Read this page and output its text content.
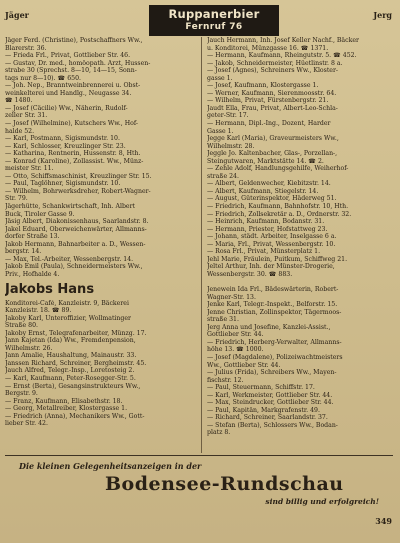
Jäger	Ruppanerbier
Fernruf 76
Jerg
Jäger Ferd. (Christine), Postschaffners Ww.,
Blarerstr. 36.
— Frieda Frl., Privat, Gottlieber Str. 46.
— Gustav, Dr. med., homöopath. Arzt, Hussen-
strabe 30 (Sprechst. 8—10, 14—15, Sonn-
tags nur 8—10). ☎ 650.
— Joh. Nep., Branntweinbrennerei u. Obst-
weinkelterei und Handlg., Neugasse 34.
☎ 1480.
— Josef (Cäcilie) Ww., Näherin, Rudolf-
zeller Str. 31.
— Josef (Wilhelmine), Kutschers Ww., Hof-
halde 52.
— Karl, Postmann, Sigismundstr. 10.
— Karl, Schlosser, Kreuzlinger Str. 23.
— Katharina, Rentnerin, Hussenstr. 8, Hth.
— Konrad (Karoline), Zollassist. Ww., Münz-
meister Str. 11.
— Otto, Schiffsmaschinist, Kreuzlinger Str. 15.
— Paul, Taglöhner, Sigismundstr. 10.
— Wilhelm, Bohrwerksdreher, Robert-Wagner-
Str. 79.
Jägerhütte, Schankwirtschaft, Inh. Albert
Buck, Tiroler Gasse 9.
Jäsig Albert, Diakonissenhaus, Saarlandstr. 8.
Jakel Eduard, Oberweichenwärter, Allmanns-
dorfer Straße 13.
Jakob Hermann, Bahnarbeiter a. D., Wessen-
bergstr. 14.
— Max, Tel.-Arbeiter, Wessenbergstr. 14.
Jakob Emil (Paula), Schneidermeisters Ww.,
Priv., Hofhalde 4.
Jakobs Hans
Konditorei-Café, Kanzleistr. 9, Bäckerei
Kanzleistr. 18. ☎ 89.
Jakoby Karl, Unteroffizier, Wollmatinger
Straße 80.
Jakoby Ernst, Telegrafenarbeiter, Münzg. 17.
Jann Kajetan (Ida) Ww., Fremdenpension,
Wilhelmstr. 26.
Jann Amalie, Haushaltung, Mainaustr. 33.
Janssen Richard, Schreiner, Bergheimstr. 45.
Jauch Alfred, Telegr.-Insp., Loretosteig 2.
— Karl, Kaufmann, Peter-Rosegger-Str. 5.
— Ernst (Berta), Gesangsinstrukteurs Ww.,
Bergstr. 9.
— Franz, Kaufmann, Elisabethstr. 18.
— Georg, Metallreiber, Klostergasse 1.
— Friedrich (Anna), Mechanikers Ww., Gott-
lieber Str. 42.
Jauch Hermann, Inh. Josef Keller Nachf., Bäcker
u. Konditorei, Münzgasse 16. ☎ 1371.
— Hermann, Kaufmann, Rheingutstr. 5. ☎ 452.
— Jakob, Schneidermeister, Hüetlinstr. 8 a.
— Josef (Agnes), Schreiners Ww., Kloster-
gasse 1.
— Josef, Kaufmann, Klostergasse 1.
— Werner, Kaufmann, Sierenmoosstr. 64.
— Wilhelm, Privat, Fürstenbergstr. 21.
Jaudt Ella, Frau, Privat, Albert-Leo-Schla-
geter-Str. 17.
— Hermann, Dipl.-Ing., Dozent, Harder
Gasse 1.
Jegge Karl (Maria), Graveurmeisters Ww.,
Wilhelmstr. 28.
Jeggle Jo. Kaltenbacher, Glas-, Porzellan-,
Steingutwaren, Marktstätte 14. ☎ 2.
— Zehle Adolf, Handlungsgehilfe, Weiherhof-
straße 24.
— Albert, Geldenwecher, Kiebitzstr. 14.
— Albert, Kaufmann, Stiegelstr. 14.
— August, Güterinspektor, Häderweg 51.
— Friedrich, Kaufmann, Bahnhofstr. 10, Hth.
— Friedrich, Zollsekretär a. D., Ordnerstr. 32.
— Heinrich, Kaufmann, Bodanstr. 31.
— Hermann, Priester, Hofstattweg 23.
— Johann, städt. Arbeiter, Inselgasse 6 a.
— Maria, Frl., Privat, Wessenbergstr. 10.
— Rosa Frl., Privat, Münsterplatz 1.
Jehl Marie, Fräulein, Puitkum, Schiffweg 21.
Jeltel Arthur, Inh. der Münster-Drogerie,
Wessenbergstr. 30. ☎ 883.

Jenewein Ida Frl., Bädeswärterin, Robert-
Wagner-Str. 13.
Jenke Karl, Telegr.-Inspekt., Belforstr. 15.
Jenne Christian, Zollinspektor, Tägermoos-
straße 31.
Jerg Anna und Josefine, Kanzlei-Assist.,
Gottlieber Str. 44.
— Friedrich, Herberg-Verwalter, Allmanns-
höhe 13. ☎ 1000.
— Josef (Magdalene), Polizeiwachtmeisters
Ww., Gottlieber Str. 44.
— Julius (Frida), Schreibers Ww., Mayen-
fischstr. 12.
— Paul, Steuermann, Schiffstr. 17.
— Karl, Werkmeister, Gottlieber Str. 44.
— Max, Steindrucker, Gottlieber Str. 44.
— Paul, Kapitän, Markgrafenstr. 49.
— Richard, Schreiner, Saarlandstr. 37.
— Stefan (Berta), Schlossers Ww., Bodan-
platz 8.
Die kleinen Gelegenheitsanzeigen in der
Bodensee-Rundschau
sind billig und erfolgreich!
349
